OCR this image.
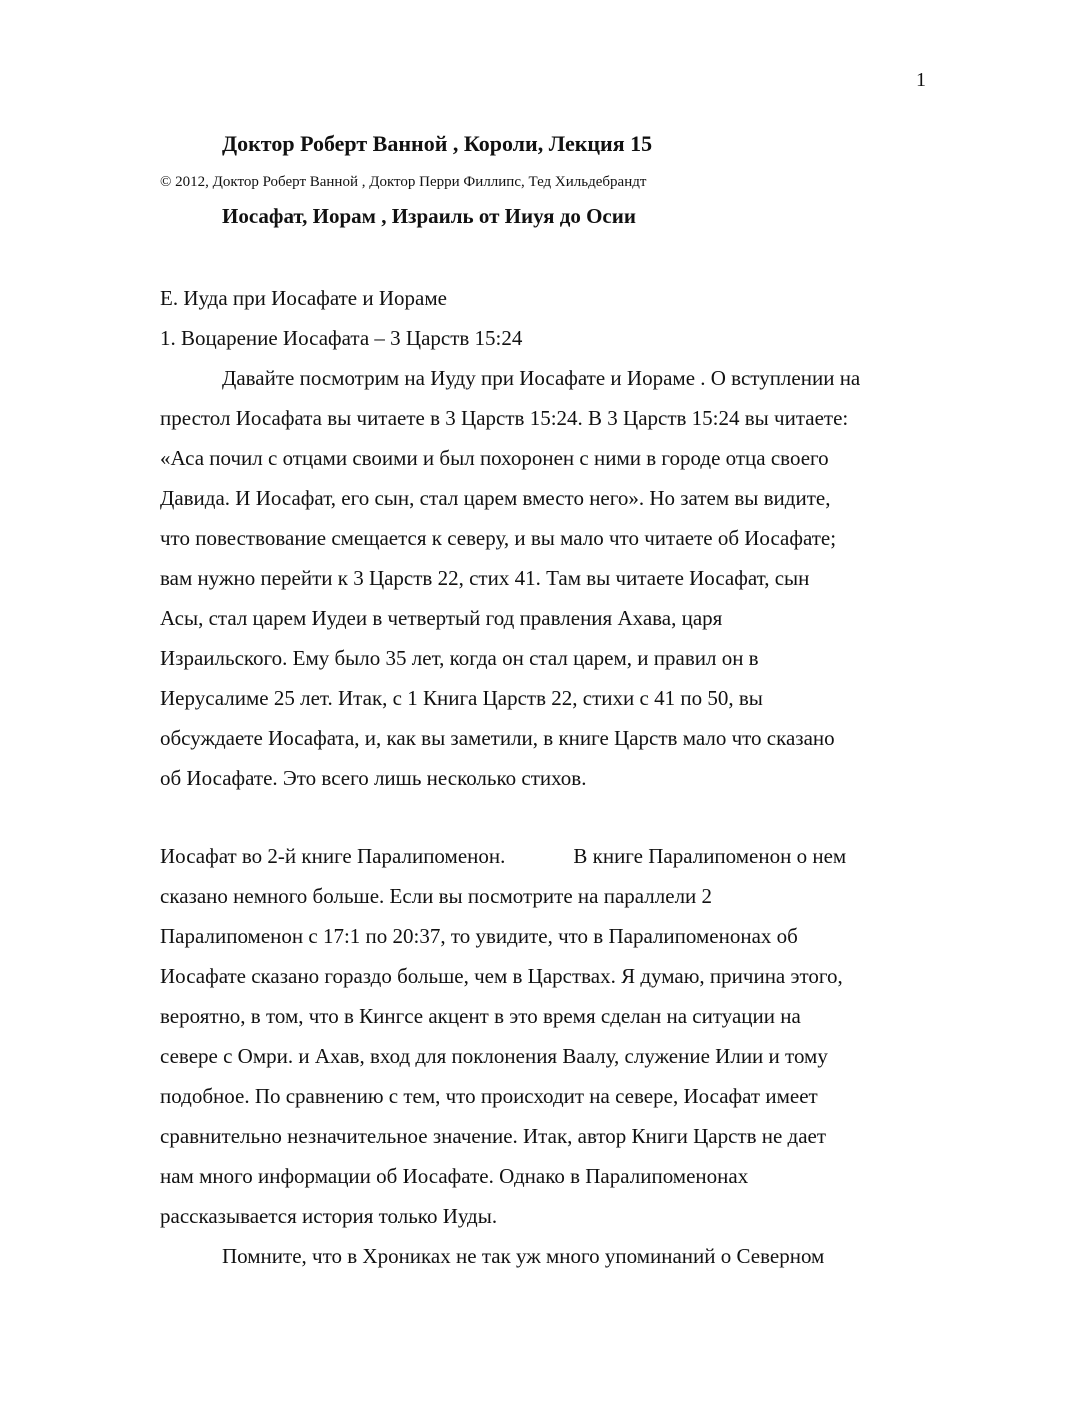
1
Доктор Роберт Ванной , Короли, Лекция 15
© 2012, Доктор Роберт Ванной , Доктор Перри Филлипс, Тед Хильдебрандт
Иосафат, Иорам , Израиль от Ииуя до Осии
Е. Иуда при Иосафате и Иораме
1. Воцарение Иосафата – 3 Царств 15:24
Давайте посмотрим на Иуду при Иосафате и Иораме . О вступлении на
престол Иосафата вы читаете в 3 Царств 15:24. В 3 Царств 15:24 вы читаете:
«Аса почил с отцами своими и был похоронен с ними в городе отца своего
Давида. И Иосафат, его сын, стал царем вместо него». Но затем вы видите,
что повествование смещается к северу, и вы мало что читаете об Иосафате;
вам нужно перейти к 3 Царств 22, стих 41. Там вы читаете Иосафат, сын
Асы, стал царем Иудеи в четвертый год правления Ахава, царя
Израильского. Ему было 35 лет, когда он стал царем, и правил он в
Иерусалиме 25 лет. Итак, с 1 Книга Царств 22, стихи с 41 по 50, вы
обсуждаете Иосафата, и, как вы заметили, в книге Царств мало что сказано
об Иосафате. Это всего лишь несколько стихов.
Иосафат во 2-й книге Паралипоменон.	В книге Паралипоменон о нем
сказано немного больше. Если вы посмотрите на параллели 2
Паралипоменон с 17:1 по 20:37, то увидите, что в Паралипоменонах об
Иосафате сказано гораздо больше, чем в Царствах. Я думаю, причина этого,
вероятно, в том, что в Кингсе акцент в это время сделан на ситуации на
севере с Омри. и Ахав, вход для поклонения Ваалу, служение Илии и тому
подобное. По сравнению с тем, что происходит на севере, Иосафат имеет
сравнительно незначительное значение. Итак, автор Книги Царств не дает
нам много информации об Иосафате. Однако в Паралипоменонах
рассказывается история только Иуды.
Помните, что в Хрониках не так уж много упоминаний о Северном
